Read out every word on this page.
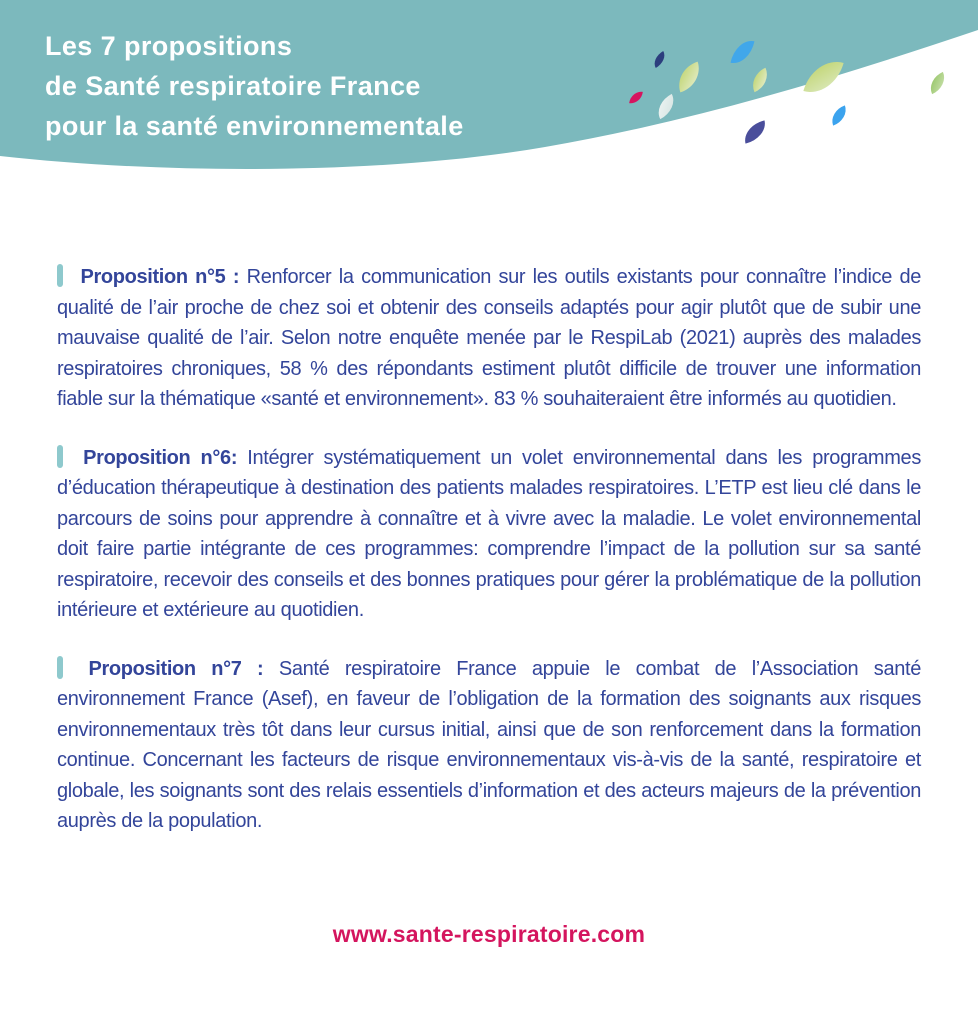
Les 7 propositions
de Santé respiratoire France
pour la santé environnementale

Proposition n°5 : Renforcer la communication sur les outils existants pour connaître l’indice de qualité de l’air proche de chez soi et obtenir des conseils adaptés pour agir plutôt que de subir une mauvaise qualité de l’air. Selon notre enquête menée par le RespiLab (2021) auprès des malades respiratoires chroniques, 58 % des répondants estiment plutôt difficile de trouver une information fiable sur la thématique «santé et environnement». 83 % souhaiteraient être informés au quotidien.

Proposition n°6: Intégrer systématiquement un volet environnemental dans les programmes d’éducation thérapeutique à destination des patients malades respiratoires. L’ETP est lieu clé dans le parcours de soins pour apprendre à connaître et à vivre avec la maladie. Le volet environnemental doit faire partie intégrante de ces programmes: comprendre l’impact de la pollution sur sa santé respiratoire, recevoir des conseils et des bonnes pratiques pour gérer la problématique de la pollution intérieure et extérieure au quotidien.

Proposition n°7 : Santé respiratoire France appuie le combat de l’Association santé environnement France (Asef), en faveur de l’obligation de la formation des soignants aux risques environnementaux très tôt dans leur cursus initial, ainsi que de son renforcement dans la formation continue. Concernant les facteurs de risque environnementaux vis-à-vis de la santé, respiratoire et globale, les soignants sont des relais essentiels d’information et des acteurs majeurs de la prévention auprès de la population.

www.sante-respiratoire.com
